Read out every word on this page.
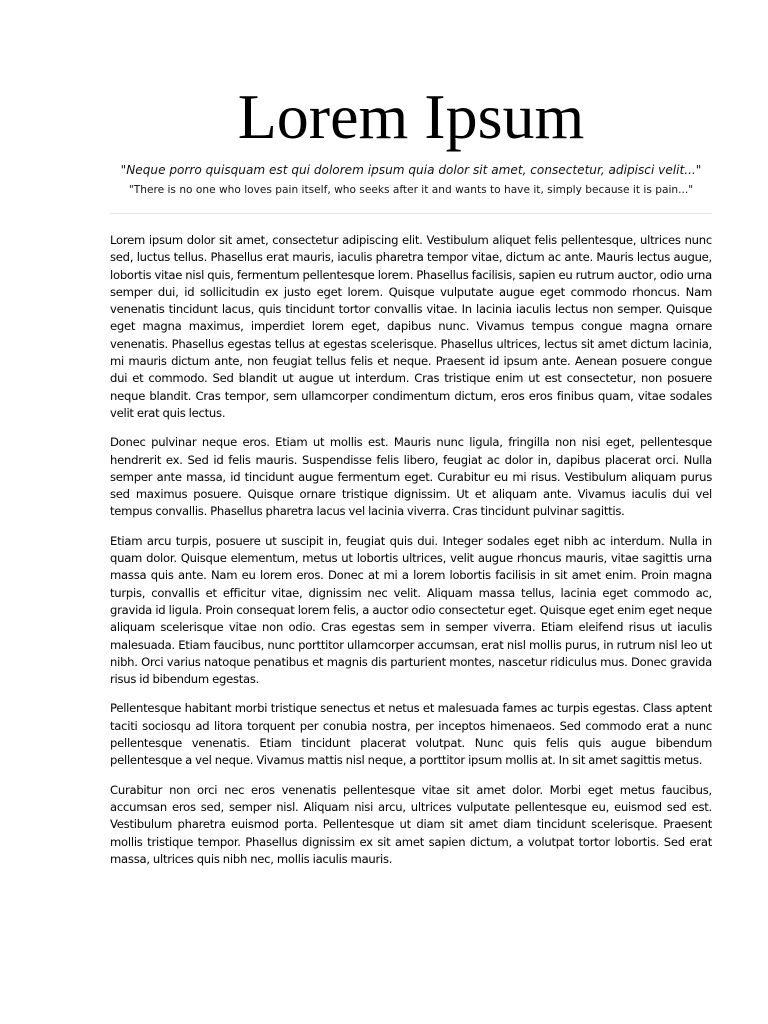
Lorem Ipsum
"Neque porro quisquam est qui dolorem ipsum quia dolor sit amet, consectetur, adipisci velit..."
"There is no one who loves pain itself, who seeks after it and wants to have it, simply because it is pain..."

Lorem ipsum dolor sit amet, consectetur adipiscing elit. Vestibulum aliquet felis pellentesque, ultrices nunc sed, luctus tellus. Phasellus erat mauris, iaculis pharetra tempor vitae, dictum ac ante. Mauris lectus augue, lobortis vitae nisl quis, fermentum pellentesque lorem. Phasellus facilisis, sapien eu rutrum auctor, odio urna semper dui, id sollicitudin ex justo eget lorem. Quisque vulputate augue eget commodo rhoncus. Nam venenatis tincidunt lacus, quis tincidunt tortor convallis vitae. In lacinia iaculis lectus non semper. Quisque eget magna maximus, imperdiet lorem eget, dapibus nunc. Vivamus tempus congue magna ornare venenatis. Phasellus egestas tellus at egestas scelerisque. Phasellus ultrices, lectus sit amet dictum lacinia, mi mauris dictum ante, non feugiat tellus felis et neque. Praesent id ipsum ante. Aenean posuere congue dui et commodo. Sed blandit ut augue ut interdum. Cras tristique enim ut est consectetur, non posuere neque blandit. Cras tempor, sem ullamcorper condimentum dictum, eros eros finibus quam, vitae sodales velit erat quis lectus.

Donec pulvinar neque eros. Etiam ut mollis est. Mauris nunc ligula, fringilla non nisi eget, pellentesque hendrerit ex. Sed id felis mauris. Suspendisse felis libero, feugiat ac dolor in, dapibus placerat orci. Nulla semper ante massa, id tincidunt augue fermentum eget. Curabitur eu mi risus. Vestibulum aliquam purus sed maximus posuere. Quisque ornare tristique dignissim. Ut et aliquam ante. Vivamus iaculis dui vel tempus convallis. Phasellus pharetra lacus vel lacinia viverra. Cras tincidunt pulvinar sagittis.

Etiam arcu turpis, posuere ut suscipit in, feugiat quis dui. Integer sodales eget nibh ac interdum. Nulla in quam dolor. Quisque elementum, metus ut lobortis ultrices, velit augue rhoncus mauris, vitae sagittis urna massa quis ante. Nam eu lorem eros. Donec at mi a lorem lobortis facilisis in sit amet enim. Proin magna turpis, convallis et efficitur vitae, dignissim nec velit. Aliquam massa tellus, lacinia eget commodo ac, gravida id ligula. Proin consequat lorem felis, a auctor odio consectetur eget. Quisque eget enim eget neque aliquam scelerisque vitae non odio. Cras egestas sem in semper viverra. Etiam eleifend risus ut iaculis malesuada. Etiam faucibus, nunc porttitor ullamcorper accumsan, erat nisl mollis purus, in rutrum nisl leo ut nibh. Orci varius natoque penatibus et magnis dis parturient montes, nascetur ridiculus mus. Donec gravida risus id bibendum egestas.

Pellentesque habitant morbi tristique senectus et netus et malesuada fames ac turpis egestas. Class aptent taciti sociosqu ad litora torquent per conubia nostra, per inceptos himenaeos. Sed commodo erat a nunc pellentesque venenatis. Etiam tincidunt placerat volutpat. Nunc quis felis quis augue bibendum pellentesque a vel neque. Vivamus mattis nisl neque, a porttitor ipsum mollis at. In sit amet sagittis metus.

Curabitur non orci nec eros venenatis pellentesque vitae sit amet dolor. Morbi eget metus faucibus, accumsan eros sed, semper nisl. Aliquam nisi arcu, ultrices vulputate pellentesque eu, euismod sed est. Vestibulum pharetra euismod porta. Pellentesque ut diam sit amet diam tincidunt scelerisque. Praesent mollis tristique tempor. Phasellus dignissim ex sit amet sapien dictum, a volutpat tortor lobortis. Sed erat massa, ultrices quis nibh nec, mollis iaculis mauris.
